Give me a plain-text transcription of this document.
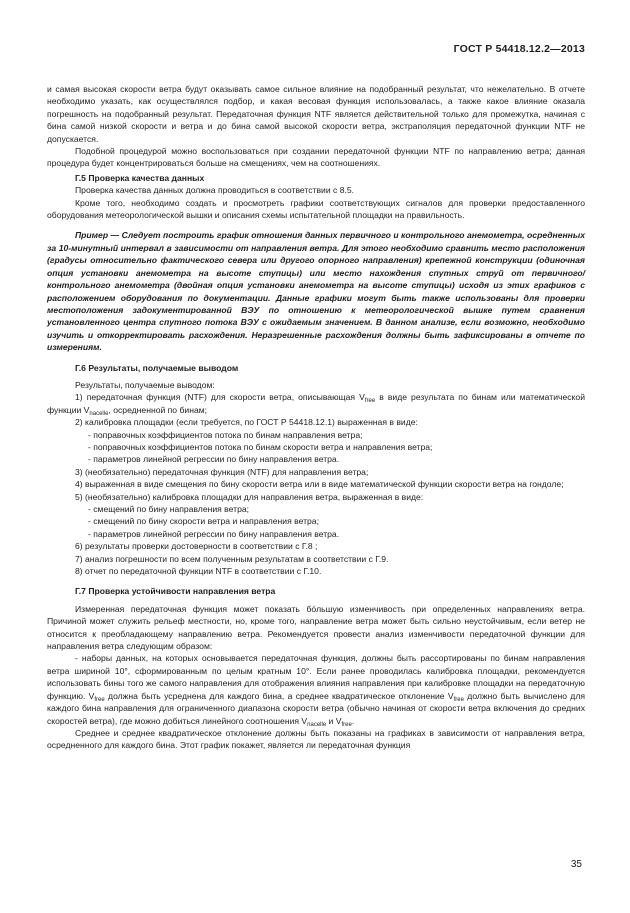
ГОСТ Р 54418.12.2—2013

и самая высокая скорости ветра будут оказывать самое сильное влияние на подобранный результат, что нежелательно. В отчете необходимо указать, как осуществлялся подбор, и какая весовая функция использовалась, а также какое влияние оказала погрешность на подобранный результат. Передаточная функция NTF является действительной только для промежутка, начиная с бина самой низкой скорости и ветра и до бина самой высокой скорости ветра, экстраполяция передаточной функции NTF не допускается.

Подобной процедурой можно воспользоваться при создании передаточной функции NTF по направлению ветра; данная процедура будет концентрироваться больше на смещениях, чем на соотношениях.

Г.5 Проверка качества данных

Проверка качества данных должна проводиться в соответствии с 8.5.

Кроме того, необходимо создать и просмотреть графики соответствующих сигналов для проверки предоставленного оборудования метеорологической вышки и описания схемы испытательной площадки на правильность.

Пример — Следует построить график отношения данных первичного и контрольного анемометра, осредненных за 10-минутный интервал в зависимости от направления ветра. Для этого необходимо сравнить место расположения (градусы относительно фактического севера или другого опорного направления) крепежной конструкции (одиночная опция установки анемометра на высоте ступицы) или место нахождения спутных струй от первичного/контрольного анемометра (двойная опция установки анемометра на высоте ступицы) исходя из этих графиков с расположением оборудования по документации. Данные графики могут быть также использованы для проверки местоположения задокументированной ВЭУ по отношению к метеорологической вышке путем сравнения установленного центра спутного потока ВЭУ с ожидаемым значением. В данном анализе, если возможно, необходимо изучить и откорректировать расхождения. Неразрешенные расхождения должны быть зафиксированы в отчете по измерениям.

Г.6 Результаты, получаемые выводом

Результаты, получаемые выводом:

1) передаточная функция (NTF) для скорости ветра, описывающая $V_{free}$ в виде результата по бинам или математической функции $V_{nacelle}$, осредненной по бинам;

2) калибровка площадки (если требуется, по ГОСТ Р 54418.12.1) выраженная в виде:

- поправочных коэффициентов потока по бинам направления ветра;

- поправочных коэффициентов потока по бинам скорости ветра и направления ветра;

- параметров линейной регрессии по бину направления ветра.

3) (необязательно) передаточная функция (NTF) для направления ветра;

4) выраженная в виде смещения по бину скорости ветра или в виде математической функции скорости ветра на гондоле;

5) (необязательно) калибровка площадки для направления ветра, выраженная в виде:

- смещений по бину направления ветра;

- смещений по бину скорости ветра и направления ветра;

- параметров линейной регрессии по бину направления ветра.

6) результаты проверки достоверности в соответствии с Г.8 ;

7) анализ погрешности по всем полученным результатам в соответствии с Г.9.

8) отчет по передаточной функции NTF в соответствии с Г.10.

Г.7 Проверка устойчивости направления ветра

Измеренная передаточная функция может показать бо́льшую изменчивость при определенных направлениях ветра. Причиной может служить рельеф местности, но, кроме того, направление ветра может быть сильно неустойчивым, если ветер не относится к преобладающему направлению ветра. Рекомендуется провести анализ изменчивости передаточной функции для направления ветра следующим образом:

- наборы данных, на которых основывается передаточная функция, должны быть рассортированы по бинам направления ветра шириной 10°, сформированным по целым кратным 10°. Если ранее проводилась калибровка площадки, рекомендуется использовать бины того же самого направления для отображения влияния направления при калибровке площадки на передаточную функцию. $V_{free}$ должна быть усреднена для каждого бина, а среднее квадратическое отклонение $V_{free}$ должно быть вычислено для каждого бина направления для ограниченного диапазона скорости ветра (обычно начиная от скорости ветра включения до средних скоростей ветра), где можно добиться линейного соотношения $V_{nacelle}$ и $V_{free}$.

Среднее и среднее квадратическое отклонение должны быть показаны на графиках в зависимости от направления ветра, осредненного для каждого бина. Этот график покажет, является ли передаточная функция

35
